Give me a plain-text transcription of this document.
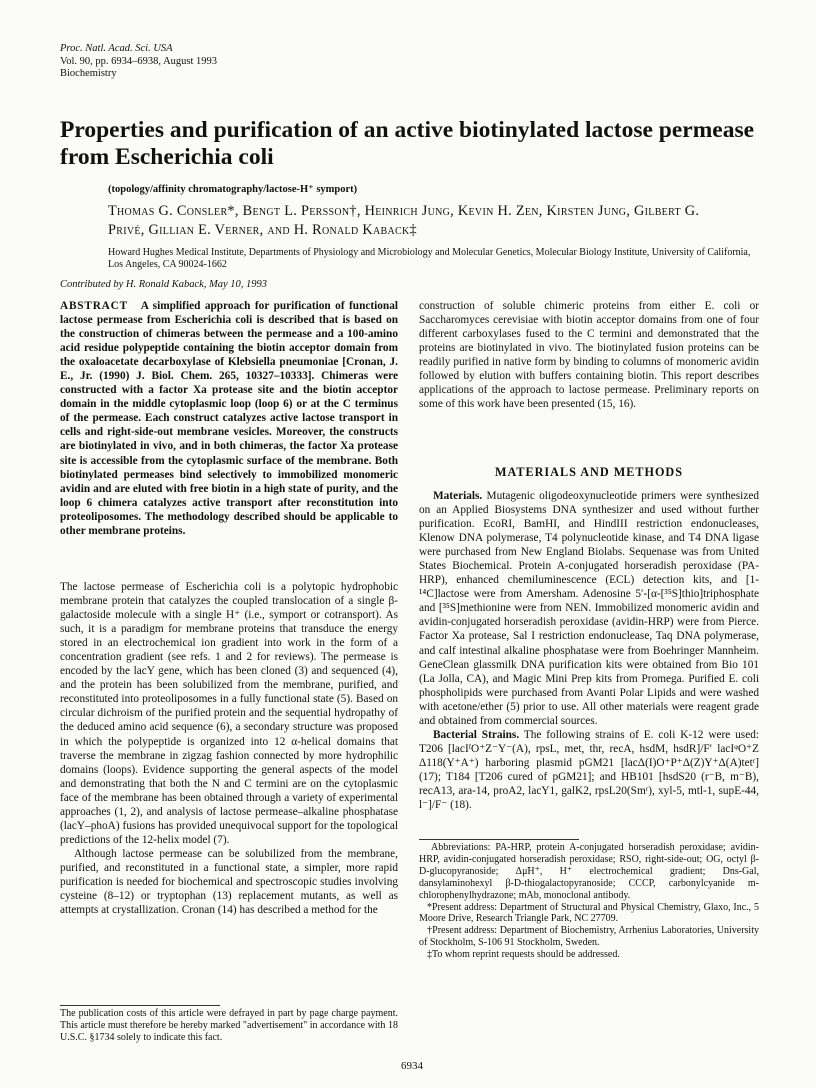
Proc. Natl. Acad. Sci. USA
Vol. 90, pp. 6934–6938, August 1993
Biochemistry
Properties and purification of an active biotinylated lactose permease from Escherichia coli
(topology/affinity chromatography/lactose-H⁺ symport)
Thomas G. Consler*, Bengt L. Persson†, Heinrich Jung, Kevin H. Zen, Kirsten Jung, Gilbert G. Privé, Gillian E. Verner, and H. Ronald Kaback‡
Howard Hughes Medical Institute, Departments of Physiology and Microbiology and Molecular Genetics, Molecular Biology Institute, University of California, Los Angeles, CA 90024-1662
Contributed by H. Ronald Kaback, May 10, 1993
ABSTRACT A simplified approach for purification of functional lactose permease from Escherichia coli is described that is based on the construction of chimeras between the permease and a 100-amino acid residue polypeptide containing the biotin acceptor domain from the oxaloacetate decarboxylase of Klebsiella pneumoniae [Cronan, J. E., Jr. (1990) J. Biol. Chem. 265, 10327–10333]. Chimeras were constructed with a factor Xa protease site and the biotin acceptor domain in the middle cytoplasmic loop (loop 6) or at the C terminus of the permease. Each construct catalyzes active lactose transport in cells and right-side-out membrane vesicles. Moreover, the constructs are biotinylated in vivo, and in both chimeras, the factor Xa protease site is accessible from the cytoplasmic surface of the membrane. Both biotinylated permeases bind selectively to immobilized monomeric avidin and are eluted with free biotin in a high state of purity, and the loop 6 chimera catalyzes active transport after reconstitution into proteoliposomes. The methodology described should be applicable to other membrane proteins.

The lactose permease of Escherichia coli is a polytopic hydrophobic membrane protein that catalyzes the coupled translocation of a single β-galactoside molecule with a single H⁺ (i.e., symport or cotransport). As such, it is a paradigm for membrane proteins that transduce the energy stored in an electrochemical ion gradient into work in the form of a concentration gradient (see refs. 1 and 2 for reviews). The permease is encoded by the lacY gene, which has been cloned (3) and sequenced (4), and the protein has been solubilized from the membrane, purified, and reconstituted into proteoliposomes in a fully functional state (5). Based on circular dichroism of the purified protein and the sequential hydropathy of the deduced amino acid sequence (6), a secondary structure was proposed in which the polypeptide is organized into 12 α-helical domains that traverse the membrane in zigzag fashion connected by more hydrophilic domains (loops). Evidence supporting the general aspects of the model and demonstrating that both the N and C termini are on the cytoplasmic face of the membrane has been obtained through a variety of experimental approaches (1, 2), and analysis of lactose permease–alkaline phosphatase (lacY–phoA) fusions has provided unequivocal support for the topological predictions of the 12-helix model (7).

Although lactose permease can be solubilized from the membrane, purified, and reconstituted in a functional state, a simpler, more rapid purification is needed for biochemical and spectroscopic studies involving cysteine (8–12) or tryptophan (13) replacement mutants, as well as attempts at crystallization. Cronan (14) has described a method for the

The publication costs of this article were defrayed in part by page charge payment. This article must therefore be hereby marked "advertisement" in accordance with 18 U.S.C. §1734 solely to indicate this fact.

construction of soluble chimeric proteins from either E. coli or Saccharomyces cerevisiae with biotin acceptor domains from one of four different carboxylases fused to the C termini and demonstrated that the proteins are biotinylated in vivo. The biotinylated fusion proteins can be readily purified in native form by binding to columns of monomeric avidin followed by elution with buffers containing biotin. This report describes applications of the approach to lactose permease. Preliminary reports on some of this work have been presented (15, 16).

MATERIALS AND METHODS

Materials. Mutagenic oligodeoxynucleotide primers were synthesized on an Applied Biosystems DNA synthesizer and used without further purification. EcoRI, BamHI, and HindIII restriction endonucleases, Klenow DNA polymerase, T4 polynucleotide kinase, and T4 DNA ligase were purchased from New England Biolabs. Sequenase was from United States Biochemical. Protein A-conjugated horseradish peroxidase (PA-HRP), enhanced chemiluminescence (ECL) detection kits, and [1-¹⁴C]lactose were from Amersham. Adenosine 5′-[α-[³⁵S]thio]triphosphate and [³⁵S]methionine were from NEN. Immobilized monomeric avidin and avidin-conjugated horseradish peroxidase (avidin-HRP) were from Pierce. Factor Xa protease, Sal I restriction endonuclease, Taq DNA polymerase, and calf intestinal alkaline phosphatase were from Boehringer Mannheim. GeneClean glassmilk DNA purification kits were obtained from Bio 101 (La Jolla, CA), and Magic Mini Prep kits from Promega. Purified E. coli phospholipids were purchased from Avanti Polar Lipids and were washed with acetone/ether (5) prior to use. All other materials were reagent grade and obtained from commercial sources.

Bacterial Strains. The following strains of E. coli K-12 were used: T206 [lacIᶠO⁺Z⁻Y⁻(A), rpsL, met, thr, recA, hsdM, hsdR]/F′ lacIᵠO⁺Z Δ118(Y⁺A⁺) harboring plasmid pGM21 [lacΔ(I)O⁺P⁺Δ(Z)Y⁺Δ(A)tetʳ] (17); T184 [T206 cured of pGM21]; and HB101 [hsdS20 (r⁻B, m⁻B), recA13, ara-14, proA2, lacY1, galK2, rpsL20(Smʳ), xyl-5, mtl-1, supE-44, l⁻]/F⁻ (18).

Abbreviations: PA-HRP, protein A-conjugated horseradish peroxidase; avidin-HRP, avidin-conjugated horseradish peroxidase; RSO, right-side-out; OG, octyl β-D-glucopyranoside; Δμ̃H⁺, H⁺ electrochemical gradient; Dns-Gal, dansylaminohexyl β-D-thiogalactopyranoside; CCCP, carbonylcyanide m-chlorophenylhydrazone; mAb, monoclonal antibody.

*Present address: Department of Structural and Physical Chemistry, Glaxo, Inc., 5 Moore Drive, Research Triangle Park, NC 27709.

†Present address: Department of Biochemistry, Arrhenius Laboratories, University of Stockholm, S-106 91 Stockholm, Sweden.

‡To whom reprint requests should be addressed.

6934
